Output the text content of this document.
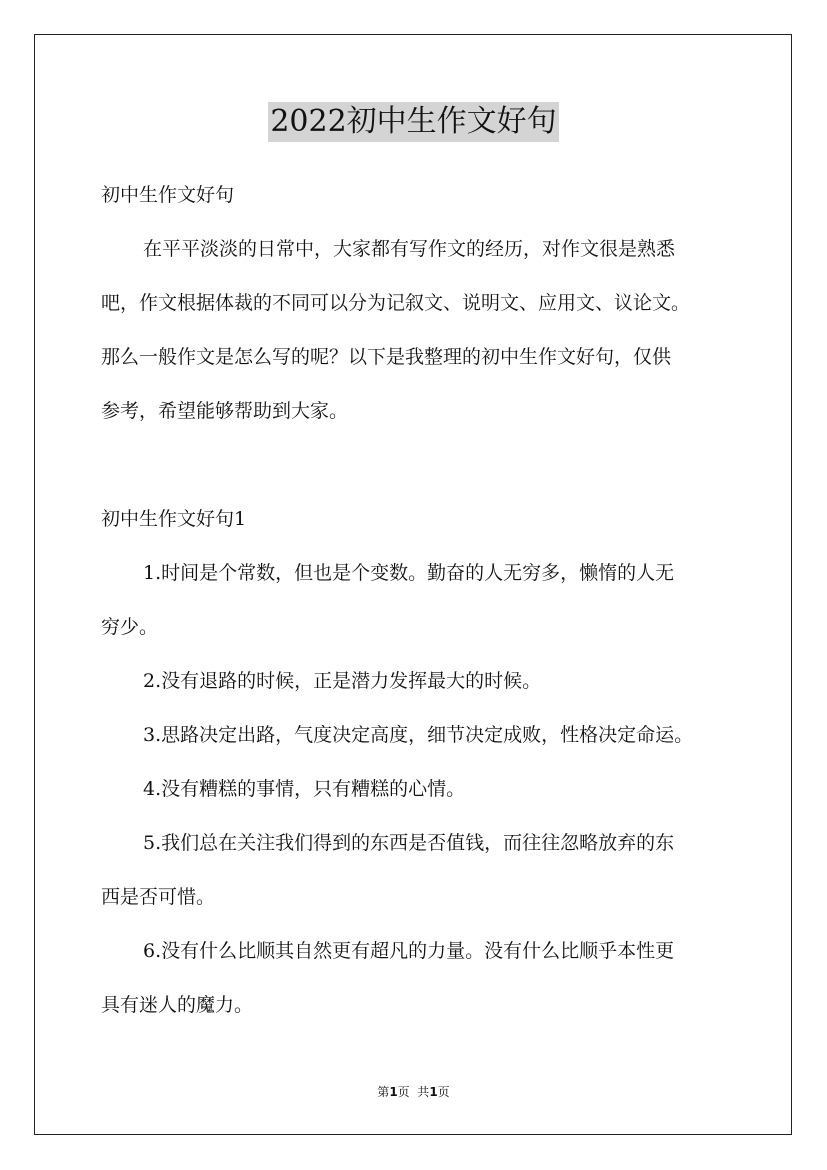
2022初中生作文好句
初中生作文好句
在平平淡淡的日常中，大家都有写作文的经历，对作文很是熟悉
吧，作文根据体裁的不同可以分为记叙文、说明文、应用文、议论文。
那么一般作文是怎么写的呢？以下是我整理的初中生作文好句，仅供
参考，希望能够帮助到大家。
初中生作文好句1
1.时间是个常数，但也是个变数。勤奋的人无穷多，懒惰的人无
穷少。
2.没有退路的时候，正是潜力发挥最大的时候。
3.思路决定出路，气度决定高度，细节决定成败，性格决定命运。
4.没有糟糕的事情，只有糟糕的心情。
5.我们总在关注我们得到的东西是否值钱，而往往忽略放弃的东
西是否可惜。
6.没有什么比顺其自然更有超凡的力量。没有什么比顺乎本性更
具有迷人的魔力。
第1页  共1页
